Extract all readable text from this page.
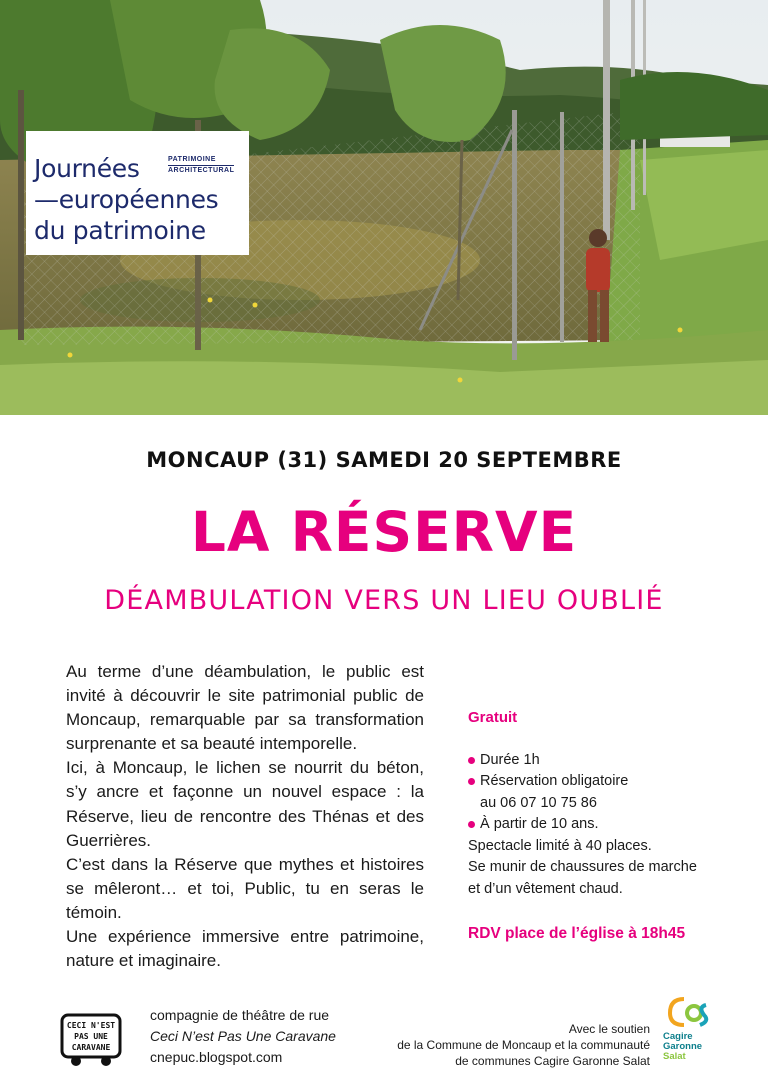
PATRIMOINE
ARCHITECTURAL
Journées
—européennes
du patrimoine
MONCAUP (31) SAMEDI 20 SEPTEMBRE
LA RÉSERVE
DÉAMBULATION VERS UN LIEU OUBLIÉ

Au terme d’une déambulation, le public est invité à découvrir le site patrimonial public de Moncaup, remarquable par sa transformation surprenante et sa beauté intemporelle.

Ici, à Moncaup, le lichen se nourrit du béton, s’y ancre et façonne un nouvel espace : la Réserve, lieu de rencontre des Thénas et des Guerrières.

C’est dans la Réserve que mythes et histoires se mêleront… et toi, Public, tu en seras le témoin.

Une expérience immersive entre patrimoine, nature et imaginaire.

Gratuit
Durée 1h
Réservation obligatoire
au 06 07 10 75 86
À partir de 10 ans.
Spectacle limité à 40 places.
Se munir de chaussures de marche
et d’un vêtement chaud.
RDV place de l’église à 18h45
CECI N'EST
PAS UNE
CARAVANE
compagnie de théâtre de rue
Ceci N’est Pas Une Caravane
cnepuc.blogspot.com
Avec le soutien
de la Commune de Moncaup et la communauté
de communes Cagire Garonne Salat
Cagire
Garonne
Salat
